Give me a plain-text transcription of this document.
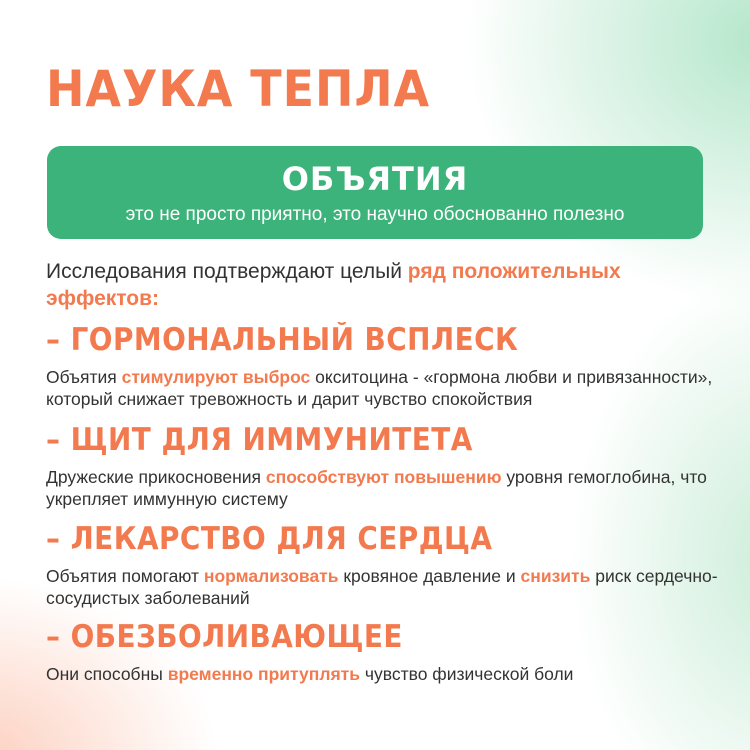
НАУКА ТЕПЛА
ОБЪЯТИЯ
это не просто приятно, это научно обоснованно полезно
Исследования подтверждают целый ряд положительных эффектов:
– ГОРМОНАЛЬНЫЙ ВСПЛЕСК
Объятия стимулируют выброс окситоцина - «гормона любви и привязанности», который снижает тревожность и дарит чувство спокойствия
– ЩИТ ДЛЯ ИММУНИТЕТА
Дружеские прикосновения способствуют повышению уровня гемоглобина, что укрепляет иммунную систему
– ЛЕКАРСТВО ДЛЯ СЕРДЦА
Объятия помогают нормализовать кровяное давление и снизить риск сердечно-сосудистых заболеваний
– ОБЕЗБОЛИВАЮЩЕЕ
Они способны временно притуплять чувство физической боли
